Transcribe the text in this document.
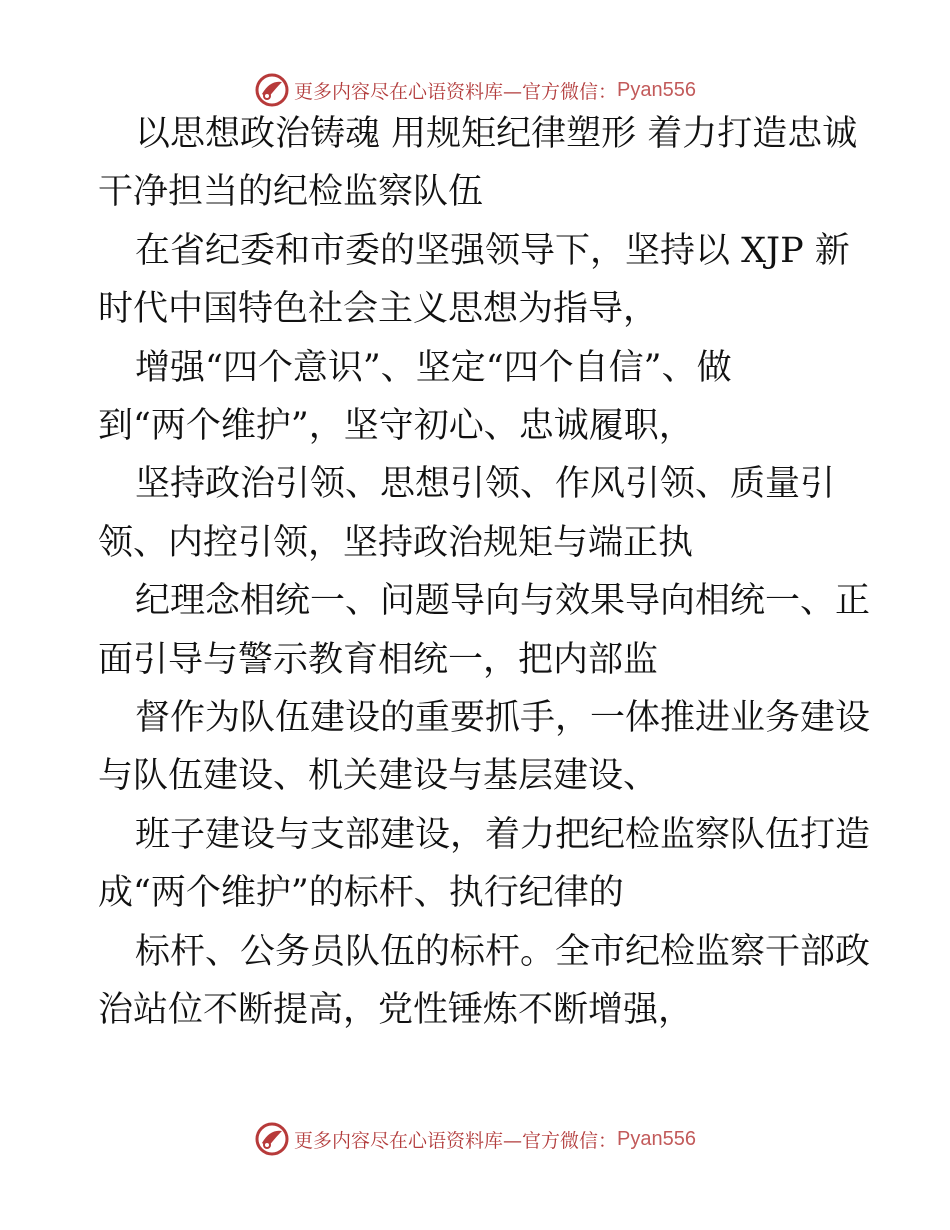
更多内容尽在心语资料库—官方微信： Pyan556
以思想政治铸魂 用规矩纪律塑形 着力打造忠诚
干净担当的纪检监察队伍
在省纪委和市委的坚强领导下，坚持以 XJP 新
时代中国特色社会主义思想为指导，
增强“四个意识”、坚定“四个自信”、做
到“两个维护”，坚守初心、忠诚履职，
坚持政治引领、思想引领、作风引领、质量引
领、内控引领，坚持政治规矩与端正执
纪理念相统一、问题导向与效果导向相统一、正
面引导与警示教育相统一，把内部监
督作为队伍建设的重要抓手，一体推进业务建设
与队伍建设、机关建设与基层建设、
班子建设与支部建设，着力把纪检监察队伍打造
成“两个维护”的标杆、执行纪律的
标杆、公务员队伍的标杆。全市纪检监察干部政
治站位不断提高，党性锤炼不断增强，
更多内容尽在心语资料库—官方微信： Pyan556
